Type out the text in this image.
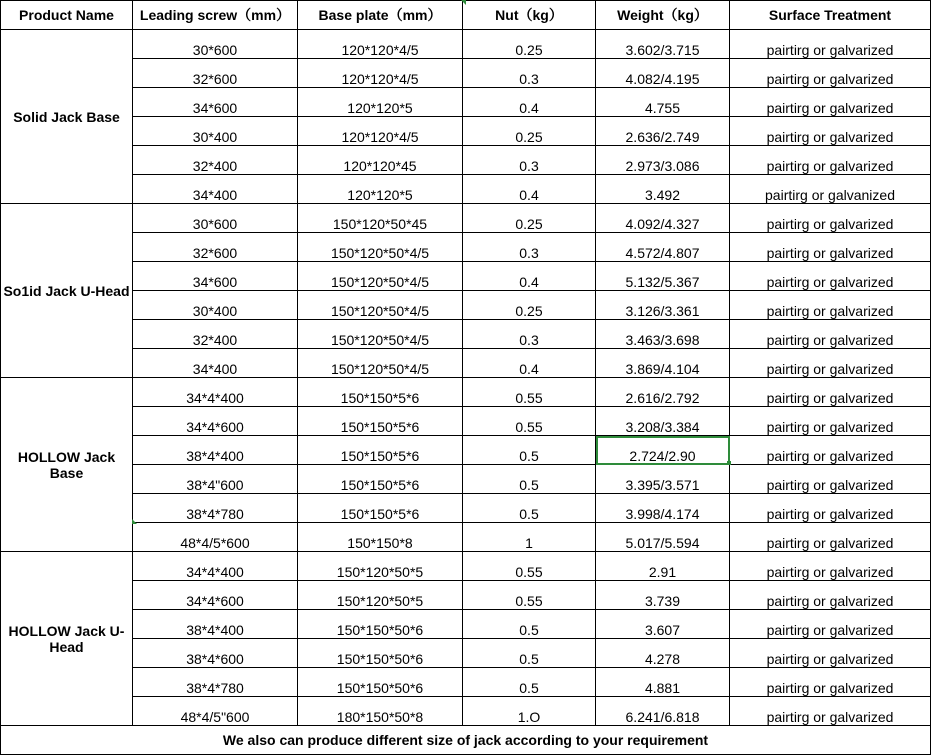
Product Name	Leading screw（mm）	Base plate（mm）	Nut（kg）	Weight（kg）	Surface Treatment
Solid Jack Base	30*600	120*120*4/5	0.25	3.602/3.715	pairtirg or galvarized
	32*600	120*120*4/5	0.3	4.082/4.195	pairtirg or galvarized
	34*600	120*120*5	0.4	4.755	pairtirg or galvarized
	30*400	120*120*4/5	0.25	2.636/2.749	pairtirg or galvarized
	32*400	120*120*45	0.3	2.973/3.086	pairtirg or galvarized
	34*400	120*120*5	0.4	3.492	pairtirg or galvanized
So1id Jack U-Head	30*600	150*120*50*45	0.25	4.092/4.327	pairtirg or galvarized
	32*600	150*120*50*4/5	0.3	4.572/4.807	pairtirg or galvarized
	34*600	150*120*50*4/5	0.4	5.132/5.367	pairtirg or galvarized
	30*400	150*120*50*4/5	0.25	3.126/3.361	pairtirg or galvarized
	32*400	150*120*50*4/5	0.3	3.463/3.698	pairtirg or galvarized
	34*400	150*120*50*4/5	0.4	3.869/4.104	pairtirg or galvarized
HOLLOW Jack Base	34*4*400	150*150*5*6	0.55	2.616/2.792	pairtirg or galvarized
	34*4*600	150*150*5*6	0.55	3.208/3.384	pairtirg or galvarized
	38*4*400	150*150*5*6	0.5	2.724/2.90	pairtirg or galvarized
	38*4"600	150*150*5*6	0.5	3.395/3.571	pairtirg or galvarized
	38*4*780	150*150*5*6	0.5	3.998/4.174	pairtirg or galvarized
	48*4/5*600	150*150*8	1	5.017/5.594	pairtirg or galvarized
HOLLOW Jack U-Head	34*4*400	150*120*50*5	0.55	2.91	pairtirg or galvarized
	34*4*600	150*120*50*5	0.55	3.739	pairtirg or galvarized
	38*4*400	150*150*50*6	0.5	3.607	pairtirg or galvarized
	38*4*600	150*150*50*6	0.5	4.278	pairtirg or galvarized
	38*4*780	150*150*50*6	0.5	4.881	pairtirg or galvarized
	48*4/5"600	180*150*50*8	1.O	6.241/6.818	pairtirg or galvarized
We also can produce different size of jack according to your requirement					
